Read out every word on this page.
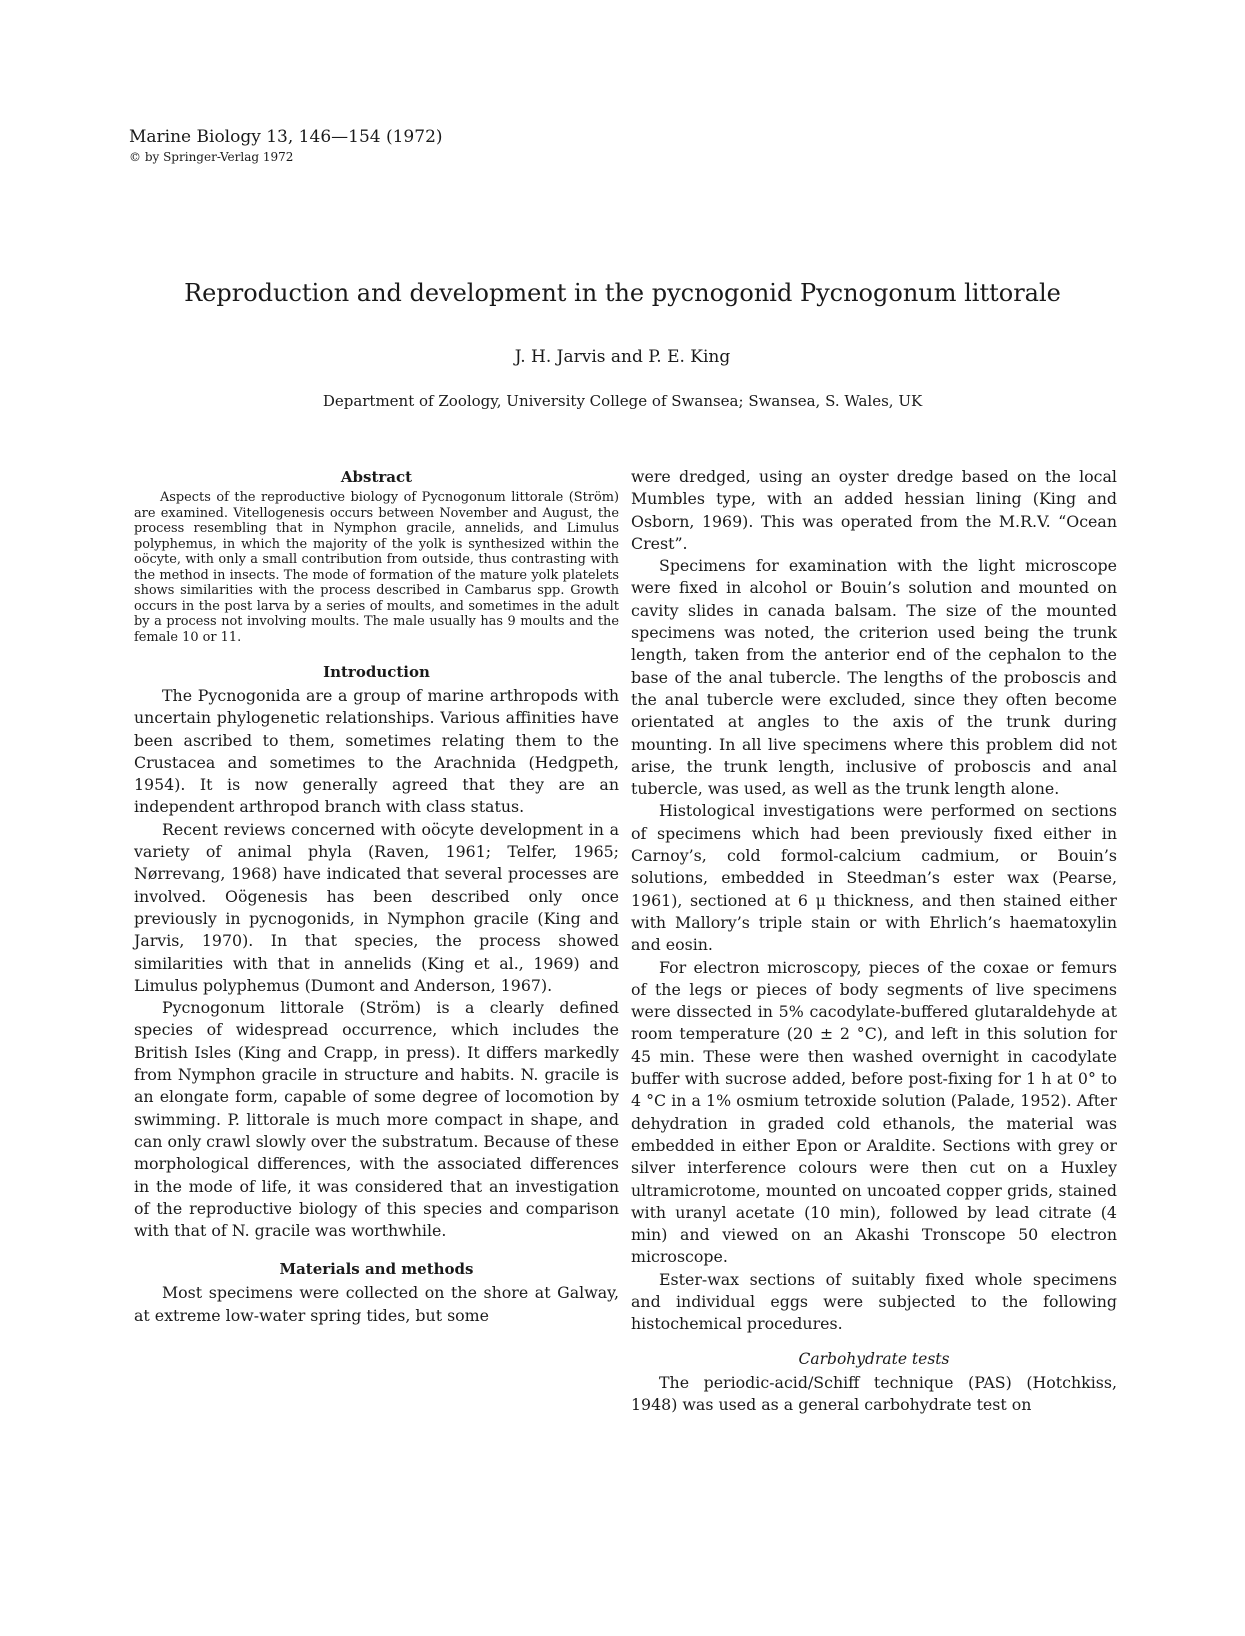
Marine Biology 13, 146—154 (1972)
© by Springer-Verlag 1972
Reproduction and development in the pycnogonid Pycnogonum littorale
J. H. Jarvis and P. E. King
Department of Zoology, University College of Swansea; Swansea, S. Wales, UK
Abstract

Aspects of the reproductive biology of Pycnogonum littorale (Ström) are examined. Vitellogenesis occurs between November and August, the process resembling that in Nymphon gracile, annelids, and Limulus polyphemus, in which the majority of the yolk is synthesized within the oöcyte, with only a small contribution from outside, thus contrasting with the method in insects. The mode of formation of the mature yolk platelets shows similarities with the process described in Cambarus spp. Growth occurs in the post larva by a series of moults, and sometimes in the adult by a process not involving moults. The male usually has 9 moults and the female 10 or 11.

Introduction

The Pycnogonida are a group of marine arthropods with uncertain phylogenetic relationships. Various affinities have been ascribed to them, sometimes relating them to the Crustacea and sometimes to the Arachnida (Hedgpeth, 1954). It is now generally agreed that they are an independent arthropod branch with class status.

Recent reviews concerned with oöcyte development in a variety of animal phyla (Raven, 1961; Telfer, 1965; Nørrevang, 1968) have indicated that several processes are involved. Oögenesis has been described only once previously in pycnogonids, in Nymphon gracile (King and Jarvis, 1970). In that species, the process showed similarities with that in annelids (King et al., 1969) and Limulus polyphemus (Dumont and Anderson, 1967).

Pycnogonum littorale (Ström) is a clearly defined species of widespread occurrence, which includes the British Isles (King and Crapp, in press). It differs markedly from Nymphon gracile in structure and habits. N. gracile is an elongate form, capable of some degree of locomotion by swimming. P. littorale is much more compact in shape, and can only crawl slowly over the substratum. Because of these morphological differences, with the associated differences in the mode of life, it was considered that an investigation of the reproductive biology of this species and comparison with that of N. gracile was worthwhile.

Materials and methods

Most specimens were collected on the shore at Galway, at extreme low-water spring tides, but some

were dredged, using an oyster dredge based on the local Mumbles type, with an added hessian lining (King and Osborn, 1969). This was operated from the M.R.V. “Ocean Crest”.

Specimens for examination with the light microscope were fixed in alcohol or Bouin’s solution and mounted on cavity slides in canada balsam. The size of the mounted specimens was noted, the criterion used being the trunk length, taken from the anterior end of the cephalon to the base of the anal tubercle. The lengths of the proboscis and the anal tubercle were excluded, since they often become orientated at angles to the axis of the trunk during mounting. In all live specimens where this problem did not arise, the trunk length, inclusive of proboscis and anal tubercle, was used, as well as the trunk length alone.

Histological investigations were performed on sections of specimens which had been previously fixed either in Carnoy’s, cold formol-calcium cadmium, or Bouin’s solutions, embedded in Steedman’s ester wax (Pearse, 1961), sectioned at 6 μ thickness, and then stained either with Mallory’s triple stain or with Ehrlich’s haematoxylin and eosin.

For electron microscopy, pieces of the coxae or femurs of the legs or pieces of body segments of live specimens were dissected in 5% cacodylate-buffered glutaraldehyde at room temperature (20 ± 2 °C), and left in this solution for 45 min. These were then washed overnight in cacodylate buffer with sucrose added, before post-fixing for 1 h at 0° to 4 °C in a 1% osmium tetroxide solution (Palade, 1952). After dehydration in graded cold ethanols, the material was embedded in either Epon or Araldite. Sections with grey or silver interference colours were then cut on a Huxley ultramicrotome, mounted on uncoated copper grids, stained with uranyl acetate (10 min), followed by lead citrate (4 min) and viewed on an Akashi Tronscope 50 electron microscope.

Ester-wax sections of suitably fixed whole specimens and individual eggs were subjected to the following histochemical procedures.

Carbohydrate tests

The periodic-acid/Schiff technique (PAS) (Hotchkiss, 1948) was used as a general carbohydrate test on
